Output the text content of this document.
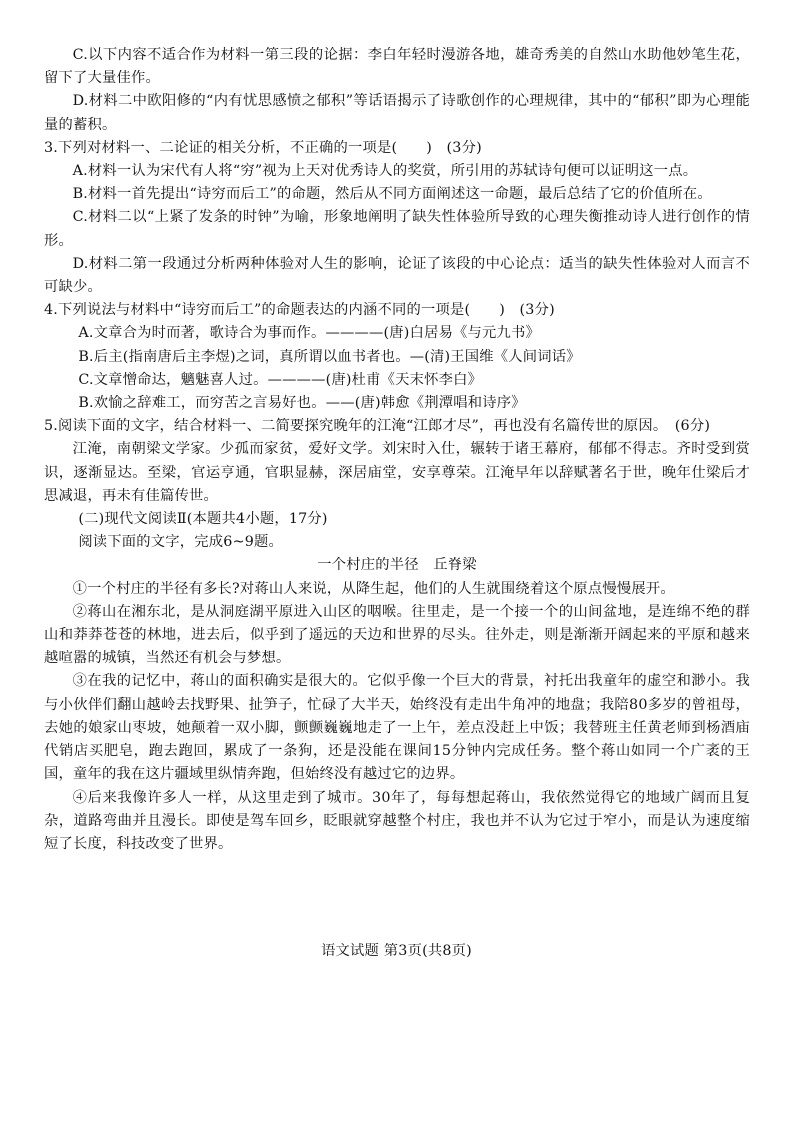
C.以下内容不适合作为材料一第三段的论据：李白年轻时漫游各地，雄奇秀美的自然山水助他妙笔生花，留下了大量佳作。

D.材料二中欧阳修的“内有忧思感愤之郁积”等话语揭示了诗歌创作的心理规律，其中的“郁积”即为心理能量的蓄积。

3.下列对材料一、二论证的相关分析，不正确的一项是(　　)　(3分)

A.材料一认为宋代有人将“穷”视为上天对优秀诗人的奖赏，所引用的苏轼诗句便可以证明这一点。

B.材料一首先提出“诗穷而后工”的命题，然后从不同方面阐述这一命题，最后总结了它的价值所在。

C.材料二以“上紧了发条的时钟”为喻，形象地阐明了缺失性体验所导致的心理失衡推动诗人进行创作的情形。

D.材料二第一段通过分析两种体验对人生的影响，论证了该段的中心论点：适当的缺失性体验对人而言不可缺少。

4.下列说法与材料中“诗穷而后工”的命题表达的内涵不同的一项是(　　)　(3分)

A.文章合为时而著，歌诗合为事而作。————(唐)白居易《与元九书》

B.后主(指南唐后主李煜)之词，真所谓以血书者也。—(清)王国维《人间词话》

C.文章憎命达，魑魅喜人过。————(唐)杜甫《天末怀李白》

B.欢愉之辞难工，而穷苦之言易好也。——(唐)韩愈《荆潭唱和诗序》

5.阅读下面的文字，结合材料一、二简要探究晚年的江淹“江郎才尽”，再也没有名篇传世的原因。　(6分)

江淹，南朝梁文学家。少孤而家贫，爱好文学。刘宋时入仕，辗转于诸王幕府，郁郁不得志。齐时受到赏识，逐渐显达。至梁，官运亨通，官职显赫，深居庙堂，安享尊荣。江淹早年以辞赋著名于世，晚年仕梁后才思减退，再未有佳篇传世。

(二)现代文阅读Ⅱ(本题共4小题，17分)

阅读下面的文字，完成6~9题。

一个村庄的半径　丘脊梁

①一个村庄的半径有多长?对蒋山人来说，从降生起，他们的人生就围绕着这个原点慢慢展开。

②蒋山在湘东北，是从洞庭湖平原进入山区的咽喉。往里走，是一个接一个的山间盆地，是连绵不绝的群山和莽莽苍苍的林地，进去后，似乎到了遥远的天边和世界的尽头。往外走，则是渐渐开阔起来的平原和越来越喧嚣的城镇，当然还有机会与梦想。

③在我的记忆中，蒋山的面积确实是很大的。它似乎像一个巨大的背景，衬托出我童年的虚空和渺小。我与小伙伴们翻山越岭去找野果、扯笋子，忙碌了大半天，始终没有走出牛角冲的地盘；我陪80多岁的曾祖母，去她的娘家山枣坡，她颠着一双小脚，颤颤巍巍地走了一上午，差点没赶上中饭；我替班主任黄老师到杨酒庙代销店买肥皂，跑去跑回，累成了一条狗，还是没能在课间15分钟内完成任务。整个蒋山如同一个广袤的王国，童年的我在这片疆域里纵情奔跑，但始终没有越过它的边界。

④后来我像许多人一样，从这里走到了城市。30年了，每每想起蒋山，我依然觉得它的地域广阔而且复杂，道路弯曲并且漫长。即使是驾车回乡，眨眼就穿越整个村庄，我也并不认为它过于窄小，而是认为速度缩短了长度，科技改变了世界。

语文试题 第3页(共8页)
